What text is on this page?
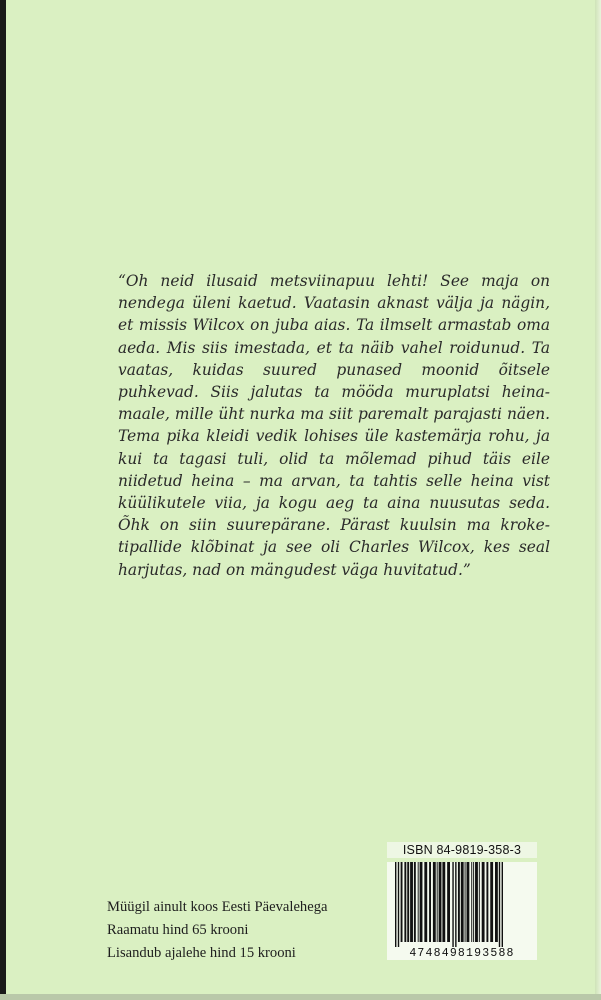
“Oh neid ilusaid metsviinapuu lehti! See maja on
nendega üleni kaetud. Vaatasin aknast välja ja nägin,
et missis Wilcox on juba aias. Ta ilmselt armastab oma
aeda. Mis siis imestada, et ta näib vahel roidunud. Ta
vaatas, kuidas suured punased moonid õitsele
puhkevad. Siis jalutas ta mööda muruplatsi heina-
maale, mille üht nurka ma siit paremalt parajasti näen.
Tema pika kleidi vedik lohises üle kastemärja rohu, ja
kui ta tagasi tuli, olid ta mõlemad pihud täis eile
niidetud heina – ma arvan, ta tahtis selle heina vist
küülikutele viia, ja kogu aeg ta aina nuusutas seda.
Õhk on siin suurepärane. Pärast kuulsin ma kroke-
tipallide klõbinat ja see oli Charles Wilcox, kes seal
harjutas, nad on mängudest väga huvitatud.”

Müügil ainult koos Eesti Päevalehega
Raamatu hind 65 krooni
Lisandub ajalehe hind 15 krooni
ISBN 84-9819-358-3
4748498193588
